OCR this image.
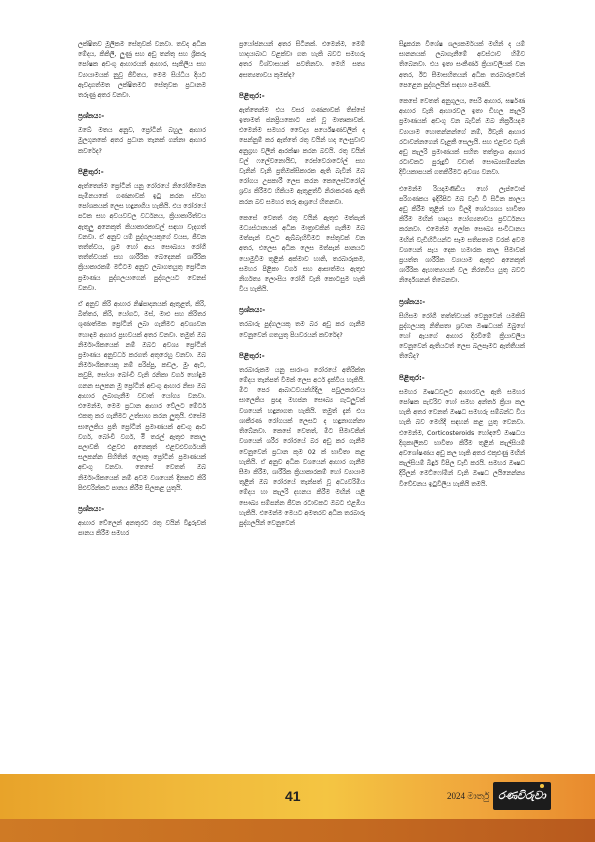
ලක්ෂිතව මූලිකම සේතුවක් වනවා. තවද අධික මේදය, කිකිලි, ලුණු සහ අඩු තන්තු සහ ශ්‍රීකරු පෝෂක අඩංගු ආහාරයන් ආහාර, සැකිලිය සහ ව්‍යායාමයක් නුවූ ජීවිතය, මෙම සිය්ධිය දියට ඇවදාගත්මත ලක්ෂිතමට සේතුවක ප්‍රධානම තරුණු අතර වනවා.

ප්‍රශ්නය:-

ඔබේ මතය අනුව, ප්‍රෝටීන් බහුල ආහාර මුලගුනකේ අතර ප්‍රධාන තැනක් ගන්නා ආහාර කවරේද?

පිළිතුර:-

ඇත්තෙන්ම ප්‍රෝටීන් යනු රෝරයේ නිරෝගිමෙන පැමිනයකේ ගණනාවක් ඉටු කරන ස්වභ පෝශකයක් ලෙස හඳුනාගිය හැකියි. එය රෝරයේ පටක සහ අවයවවල වර්ධනය, ක්‍රියාකාරිත්වය ඇතුලු අනෙකුත් කියාකාරකාවල් සඳහා වැදගත් වනවා. ඒ අනුව යම් පුද්ගලයකුගේ වයස, ජීවන තත්ත්වය, ශ්‍රම හෝ ආය සෞඛ්‍යය රෝගී තත්ත්වයක් සහ ශාරීරික බෙදෙනක් ශාරීරික ක්‍රියාකාරකම් මට්ටම අනුව ලබාගතයුතු ප්‍රෝටීන ප්‍රමාණය පුද්ගලයාගෙන් පුද්ගලයට වෙනස් වනවා.

ඒ අනුව කිරි ආහාර නිෂ්පාදනයක් ඇතුළත්, කිරි, බිත්තර, කිරි, යෝගට, මස්, මාළු සහ කිරිතර ශුණාත්මක ප්‍රෝටීන් ලබා ගැනීමට අවශ්‍යවන හොඳම ආහාර ප්‍රභවයක් අතර වනවා. තමුත් ඔබ නිර්මාංශිකයෙක් නම් ඔබට අවශ්‍ය ප්‍රෝටීන් ප්‍රමාණය අනුවර්ධ කරගත් අතුරෙහු වනවා. ඔබ නිර්මාංශිකයෙකු නම් පරිප්පු, කඩල, මුං ඇට, කවුපි, සෝයා බෝංචි වැනි රනිකා වර්ග හෝඳුම ගනන සලකන මූ ප්‍රෝටීන් අඩංගු ආහාර නිසා ඔබ ආහාර ලබාගැනීම වඩාත් යෝග්‍ය වනවා. එමෙන්ම, මෙම ප්‍රධාන ආහාර වේලට මේටර් එකතු කර ගැනීමට උත්සාහ කරන ලුතුයි. එසේම සාලෙකිය ප්‍රති ප්‍රෝටීන් ප්‍රමාණයක් අඩංගු ආට වර්ග, බෝංචි වර්ග, ම‍ි තරල් ඇතුළු කොල පලාවකි එළවළු අනෙකුත් එළවළුවර්ගයකි සලකන්න ස‍ිහිතින් ලොකු ප්‍රෝටීන් ප්‍රමාණයක් අඩංගු වනවා. තෙසේ වෙතත් ඔබ නිර්මාංශිකයෙක් නම් අවම වශයෙන් දිනකට කිරි පිළුවරින්කට පානය කිරීම සිලකළ යුතුයි.

ප්‍රශ්නය:-

ආහාර වේලෙන් අනතුරට රතු වයින් වීදුරුවක් පානය කිරීම සමහර

ප්‍රයෝජනයන් අතර සිටිනක්. එමෙන්ම, මෙම් හාදයාබාධ වළක්වා ගත හැකි බවට සමහරු අතර විශ්වාසයක් පවතිනවා. මෙහි සත්‍ය අසත්‍යතාවය කුමක්ද?

පිළිතුර:-

ඇත්තෙන්ම එය වසර ගණනාවක් තිස්සේ ඉතාමත් ජනප්‍රියකොට පත් වූ මාතෘකාවක්. එමෙන්ම සමහර වෛද්‍ය පර්යේෂණවලින් ද පෙන්නුම් කර ඇත්තේ රතු වයින් හද ලෙංසුවාව අනුග්‍රහ වලින් ආරක්ෂා කරන බවයි. රතු වයින් වල් ෆලේවනොයිඩ, රෙස්වෙරාටෝල් සහ වැනින් වැනි ප්‍රතිඔක්සිකාරක ඇති බැවින් ඔබ රෝගය උපකාරී ලෙස කරන කෙලෙස්ටරෝල් ශ්‍රව්‍ය කිරීමට හිකියම ඇතුළත්වී නිරාකරණ ඇති කරන බව සමහර තරු ආශ්‍රයේ හිතනවා.

කෙසේ වෙතත් රතු වයින් ඇතුළු මත්පැන් මධ්‍යස්ථානයක් අධික මාත්‍රාවකින් ගැනීම ඔබ මත්පැන් වලට ඇබ්බැහිවීමට සේතුවක් වන අතර, එලෙස අධික ලෙස මත්පැන් පානයට යොමුවීම තුළින් අක්මාව හානි, තරබාරුකම, සමහර පිළිකා වර්ග සහ ආසාත්මය ඇතුළු නිර්ගත්‍ය ලොංසිය රෝගී වැනි කොටසුම හැකි විය හැකියි.

ප්‍රශ්නය:-

තරබාරු පුද්ගලයකු තම බර අඩු කර ගැනීම වෙනුවෙන් ගතයුතු පියවරයන් කවරේද?

පිළිතුර:-

තරබාරුකම යනු සාරාංශ රෝරයේ අතිරික්ත මේදය තැන්පත් වීමක් ලෙස අර්ථ දැක්විය හැකියි. මිට පෙර ආබාධවයන්හිදිල පවුලකරාවය සාලෙකිය ප්‍රඥ මහජන සෞඛ්‍ය ගැටලුවක් වශයෙන් හඳුනාගත හැකියි. තමුත් දැන් එය ශාකීරණ රෝගයක් ලෙසට ද හඳුනාගන්නා තිබේනවා. කෙසේ වෙතත්, මිට සීමාවකින් වශයෙන් ශරීර රෝරයේ බර අඩු කර ගැනීම වෙනුවෙන් ප්‍රධාන කුම 02 ක් භාවිතා කළ හැකියි. ඒ අනුව අධික වශයෙන් ආහාර ගැනීම සීමා කිරීම, ශාරීරික ක්‍රියාකාරකම් හෝ ව්‍යායාම තුළින් ඔබ රෝරයේ තැන්පත් වූ අධ්‍යවරිමිය මේදය හා කැලරි දහනය කිරීම මඟින් යළි සෞඛ්‍ය සම්පන්න ජීවන රටාවකට ඔබට එළඹිය හැකියි. එමෙන්ම මෙයට අමතරව අධික තරබාරු පුද්ගලයින් වෙනුවෙන්

සිදුකරන විශේෂ ශල්‍යකර්මයක් මඟින් ද යම් සානනයක් ලබාගැනීමේ අවස්ථාව හිමිව තිබෙනවා. එය ඉතා සංකීර්ණ ක්‍රියාවලියක් වන අතර, ඊට සීමාසහිතයන් අධික තරබාරුවෙන් පෙළෙන පුද්ගලයින් සඳහා පමණයි.

කෙසේ වෙතත් අනුගුලය, සෙරි ආහාර, ඝර්ෂණ ආහාර වැනි ආහාරවල ඉතා ඩිහල කැලරි ප්‍රමාණයක් අඩංගු වන බැවින් ඔබ නිර්ක්‍රියදම ව්‍යායාම හොතන්නන්ගේ නම්, ඊවැනි ආහාර රටාවන්නගෙන් වැළකී සෙලැයි. සහ එළවළු වැනි අඩු කැලරි ප්‍රමාණයක් සහිත තත්ත්‍රංශ ආහාර රටාවකට පුරුදුව් වඩාත් සෞඛ්‍යසම්පන්න දිවියකාපයක් ගතකිරීමට අවශ්‍ය වනවා.

එමෙන්ම රියදාමණිඩිය හෝ ලැප්ටොප් පරිගණකය ඉදිරිපිට ඔබ වැඩි වී සිටින කාලය අඩු කිරීම තුළින් හා විලදී ශෝථ්‍යශය භාවිතා කිරීම මඟින් හෘදය යෝග්‍යතාවය ප්‍රවර්ධනය කරනවා. එමෙන්ම ලෝක සෞඛ්‍ය සංවිධානය මඟින් වැඩිහිටියන්ට සෑම සතිපතාම වරක් අවම වශයෙන් පැය දෙක හමාරක කාල සීමාවක් ප්‍රයත්ත ශාරීරික ව්‍යායාම ඇතුළු අනෙකුත් ශාරීරික ඇහාත්‍යායන් වල නිරතවිය යුතු බවට නිර්දේශනන් තිබෙනවා.

ප්‍රශ්නය:-

සිහිසම රෝගී තත්ත්වයක් වෙනුවෙන් යමකිසි පුද්ගලයකු නිතිපතා ශ්‍රවාන ඖෂධයක් ඔබුගේ හෝ ඇයගේ ආහාර දිරවීමේ ක්‍රියාවලිය වෙනුවෙන් ඇතියටත් ලෙස බලපෑමට ඇත්තීයක් තිබේද?

පිළිතුර:-

සමහර ඖෂධවලට ආහාරවල ඇති සමහර පෝෂක පැවරිව හෝ සමහ අන්තර් ක්‍රියා කල හැකි අතර වෙනත් ඖෂධ සමහරු සම්බන්ධ විය හැකි බව මෙහිදී සඳහන් කළ යුතු වෙනවා. එමෙන්ම, Corticosteroids හෝඳවේ ඖෂධය දිගුකාලීනව භාවිතා කිරීම තුළින් කැල්සියම් අවශෝෂණය අඩු කල හැකි අතර එකුළුණු මඟින් කැල්සියම් බිඳුර් වීපිල වැඩි කරයි. සමහර ඖෂධ දිරිලන් මෙට්ෆෝමින් වැනි ඖෂධ ලයිනෙන්න්‍ය විවේචනය ඉටුවිලිය හැකියි තමයි.

41	2024 මාර්තු රණවිරුවා
